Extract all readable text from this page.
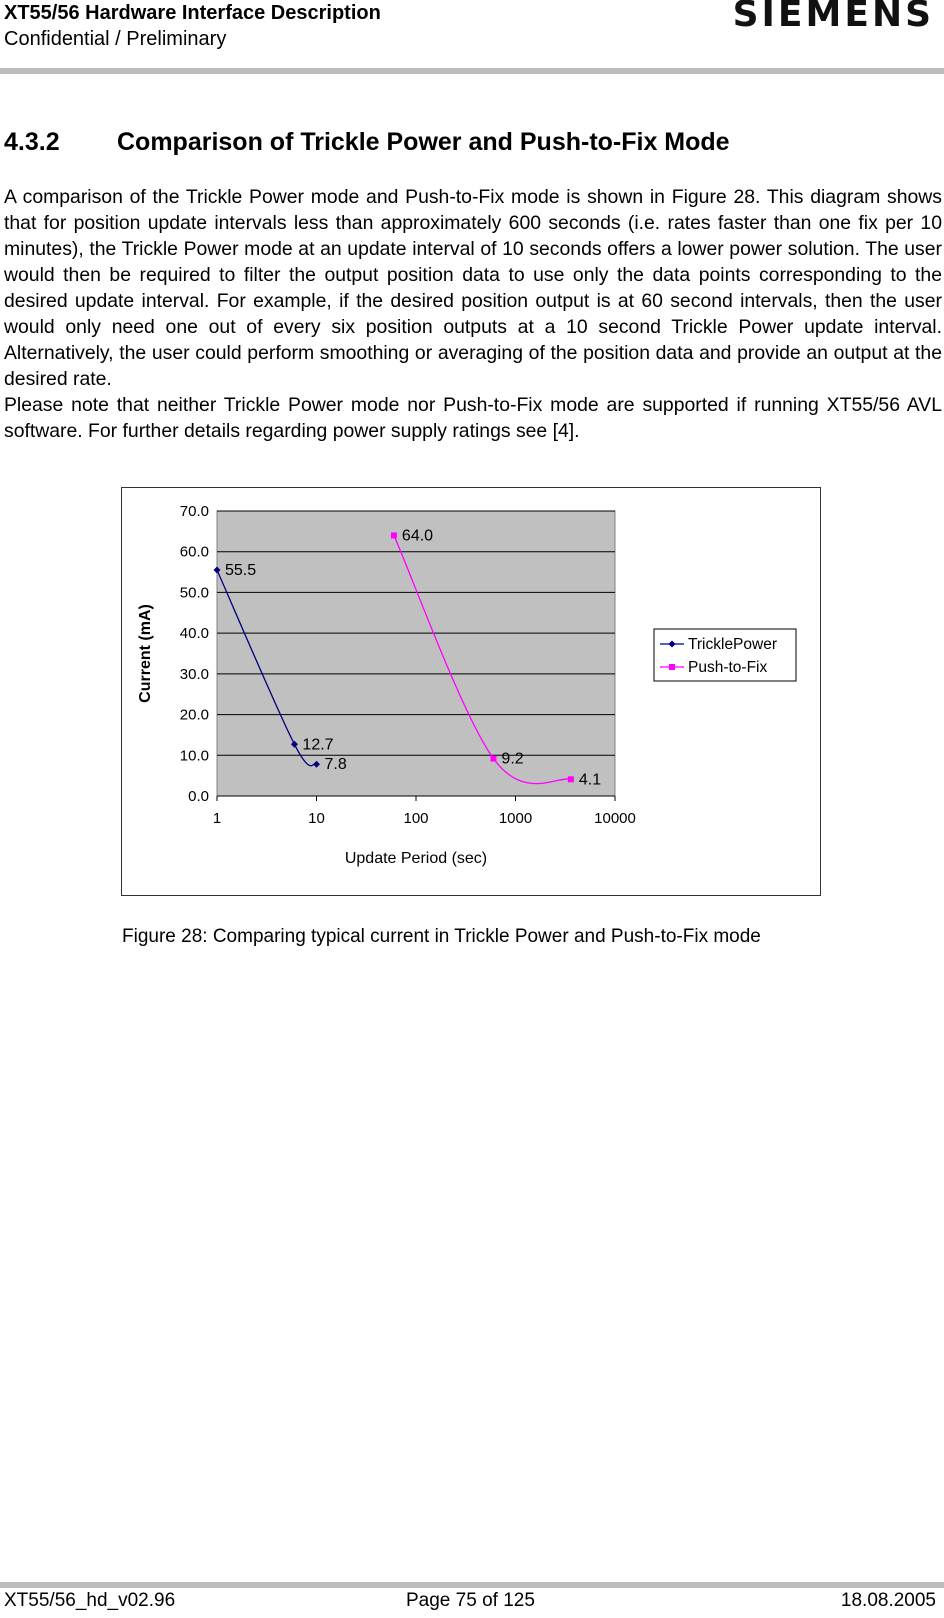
XT55/56 Hardware Interface Description
Confidential / Preliminary
SIEMENS
4.3.2 Comparison of Trickle Power and Push-to-Fix Mode

A comparison of the Trickle Power mode and Push-to-Fix mode is shown in Figure 28. This diagram shows that for position update intervals less than approximately 600 seconds (i.e. rates faster than one fix per 10 minutes), the Trickle Power mode at an update interval of 10 seconds offers a lower power solution. The user would then be required to filter the output position data to use only the data points corresponding to the desired update interval. For example, if the desired position output is at 60 second intervals, then the user would only need one out of every six position outputs at a 10 second Trickle Power update interval. Alternatively, the user could perform smoothing or averaging of the position data and provide an output at the desired rate.

Please note that neither Trickle Power mode nor Push-to-Fix mode are supported if running XT55/56 AVL software. For further details regarding power supply ratings see [4].

0.0
10.0
20.0
30.0
40.0
50.0
60.0
70.0
1	10	100	1000	10000
Update Period (sec)
Current (mA)
55.5
12.7
7.8
64.0
9.2
4.1
TricklePower
Push-to-Fix
Figure 28: Comparing typical current in Trickle Power and Push-to-Fix mode
XT55/56_hd_v02.96	Page 75 of 125	18.08.2005
